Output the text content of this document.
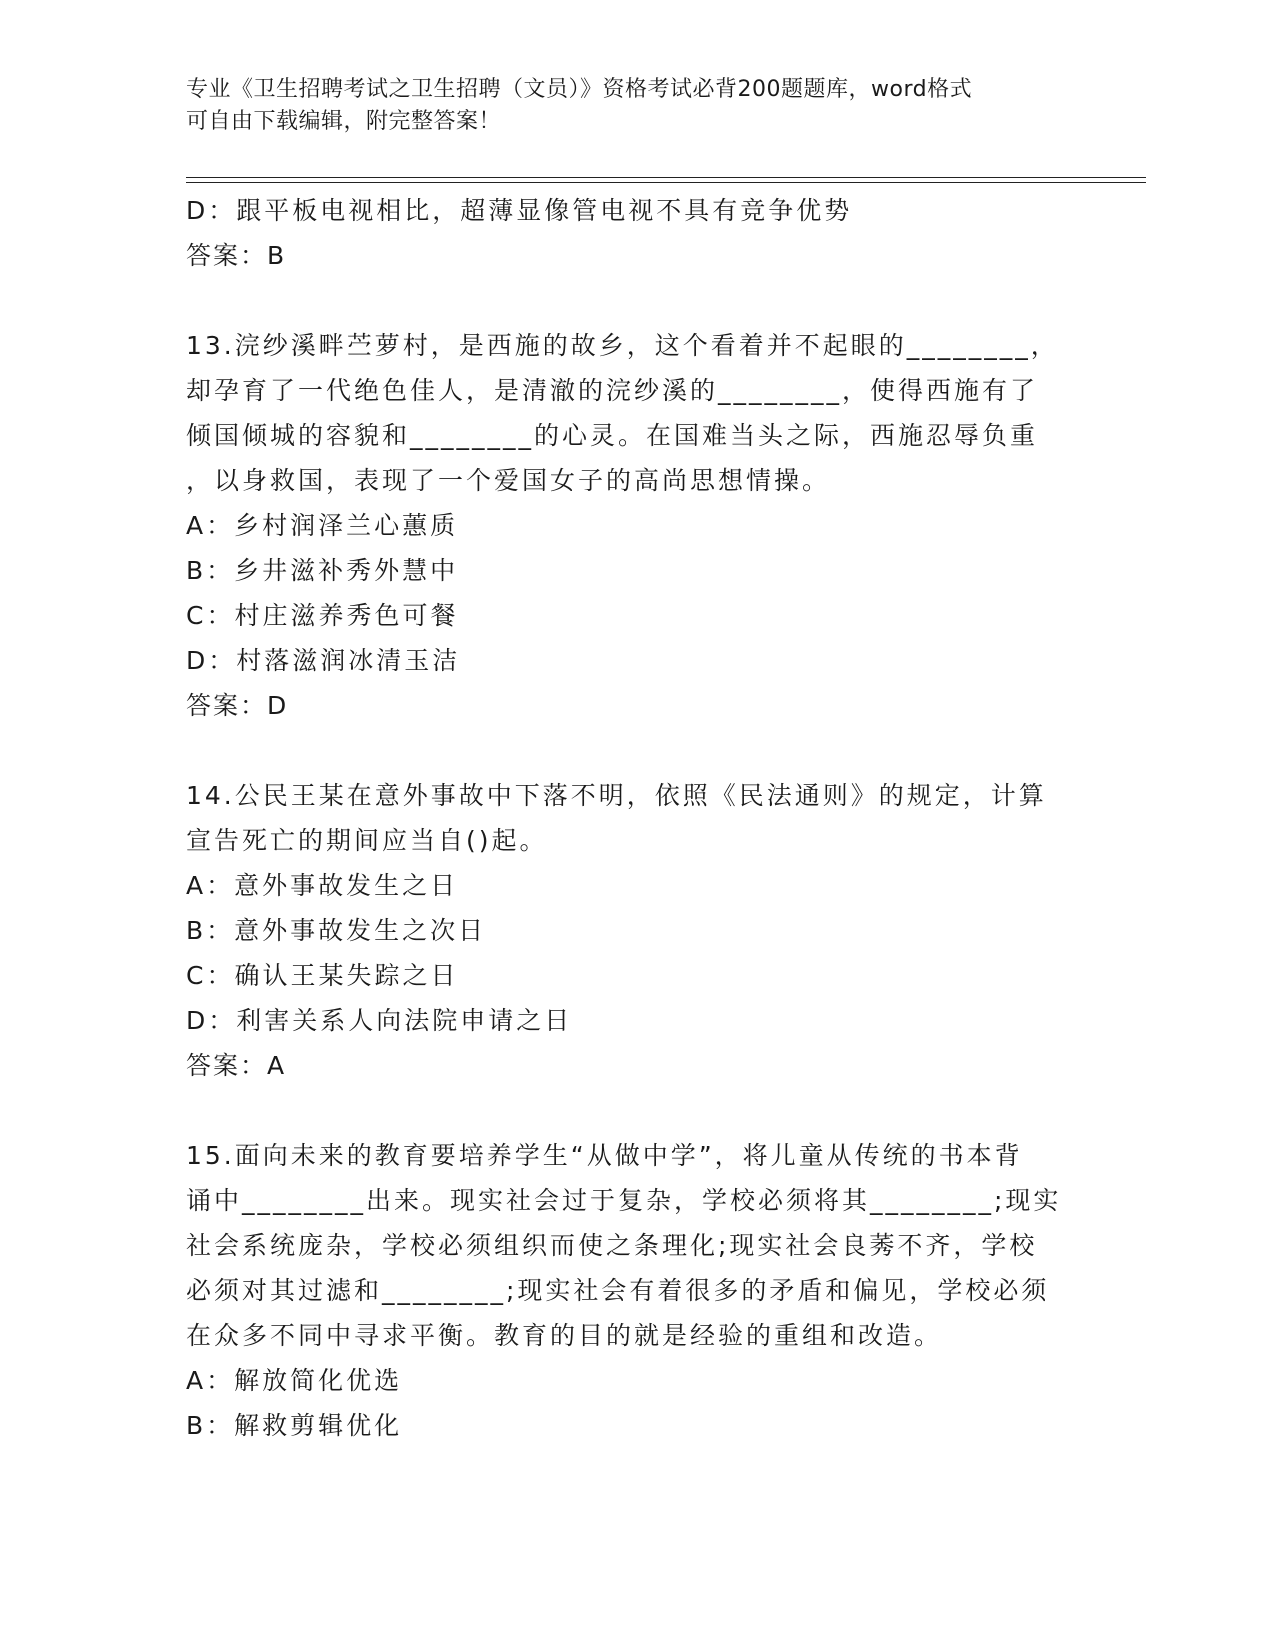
专业《卫生招聘考试之卫生招聘（文员）》资格考试必背200题题库，word格式
可自由下载编辑，附完整答案！
D：跟平板电视相比，超薄显像管电视不具有竞争优势
答案：B
13.浣纱溪畔苎萝村，是西施的故乡，这个看着并不起眼的________，
却孕育了一代绝色佳人，是清澈的浣纱溪的________，使得西施有了
倾国倾城的容貌和________的心灵。在国难当头之际，西施忍辱负重
，以身救国，表现了一个爱国女子的高尚思想情操。
A：乡村润泽兰心蕙质
B：乡井滋补秀外慧中
C：村庄滋养秀色可餐
D：村落滋润冰清玉洁
答案：D
14.公民王某在意外事故中下落不明，依照《民法通则》的规定，计算
宣告死亡的期间应当自()起。
A：意外事故发生之日
B：意外事故发生之次日
C：确认王某失踪之日
D：利害关系人向法院申请之日
答案：A
15.面向未来的教育要培养学生“从做中学”，将儿童从传统的书本背
诵中________出来。现实社会过于复杂，学校必须将其________;现实
社会系统庞杂，学校必须组织而使之条理化;现实社会良莠不齐，学校
必须对其过滤和________;现实社会有着很多的矛盾和偏见，学校必须
在众多不同中寻求平衡。教育的目的就是经验的重组和改造。
A：解放简化优选
B：解救剪辑优化
